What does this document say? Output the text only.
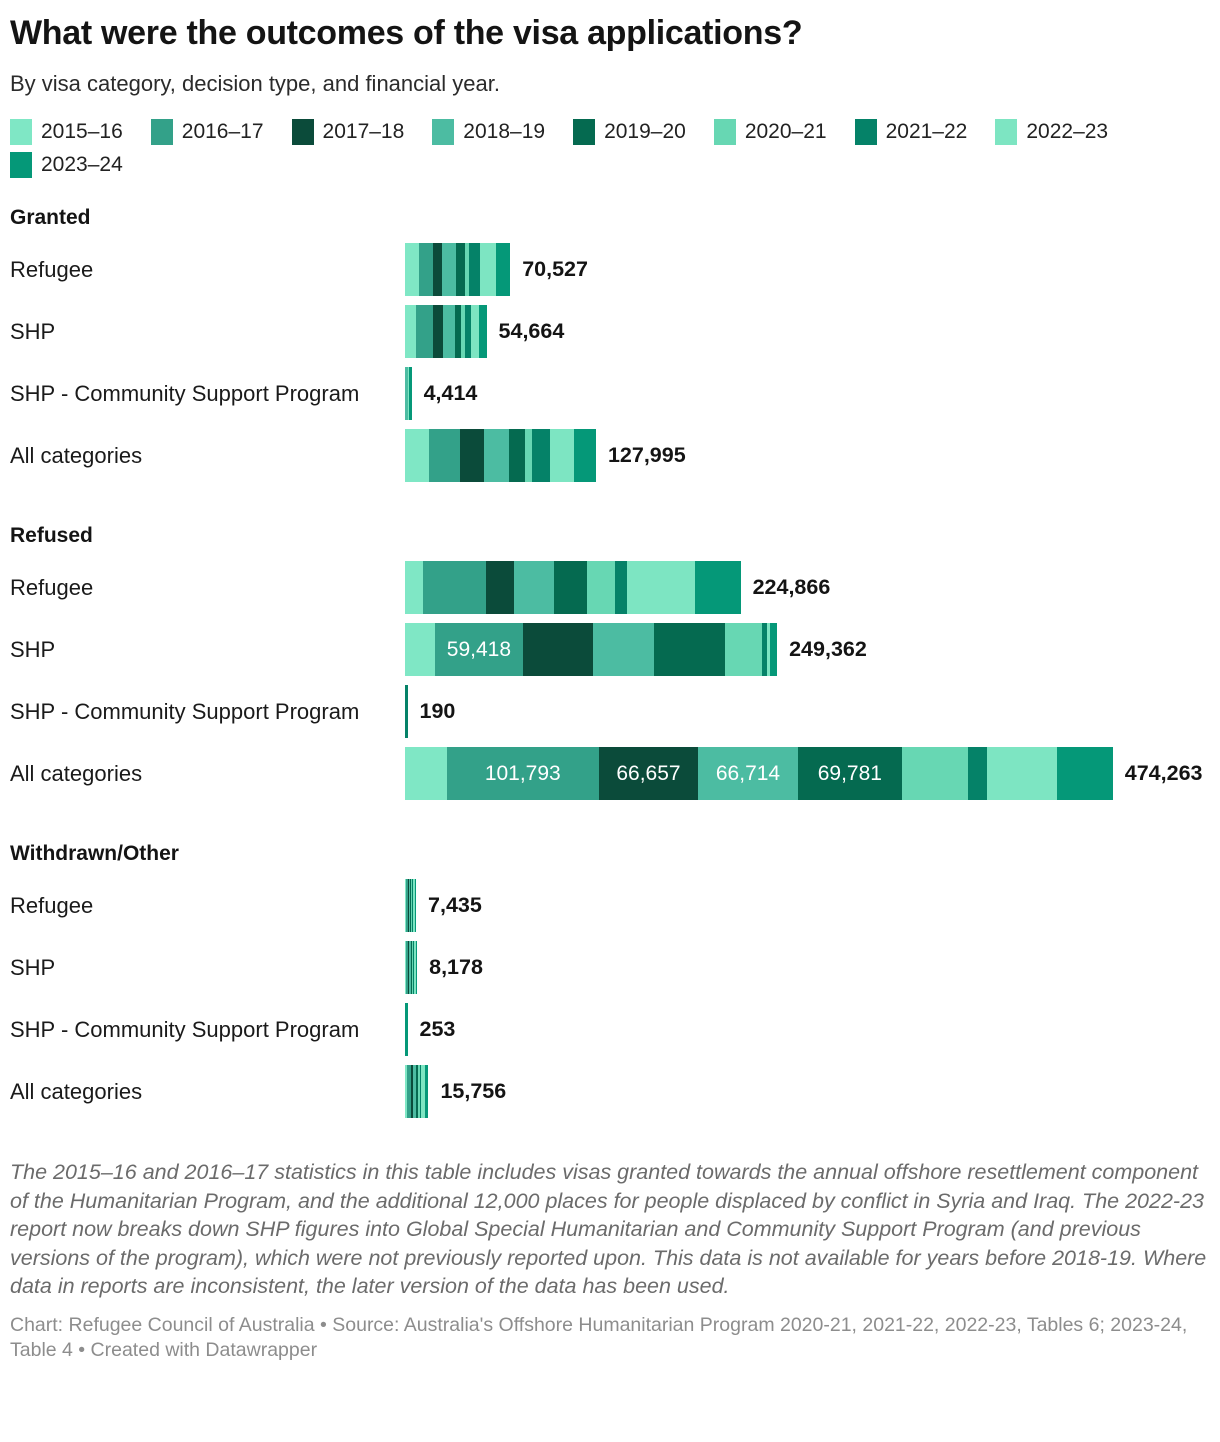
What were the outcomes of the visa applications?

By visa category, decision type, and financial year.

2015–16	2016–17	2017–18	2018–19	2019–20	2020–21	2021–22	2022–23
2023–24
Granted
Refugee	70,527
SHP	54,664
SHP - Community Support Program	4,414
All categories	127,995
Refused
Refugee	224,866
SHP	59,418	249,362
SHP - Community Support Program	190
All categories	101,793	66,657 66,714 69,781	474,263
Withdrawn/Other
Refugee	7,435
SHP	8,178
SHP - Community Support Program	253
All categories	15,756

The 2015–16 and 2016–17 statistics in this table includes visas granted towards the annual offshore resettlement component of the Humanitarian Program, and the additional 12,000 places for people displaced by conflict in Syria and Iraq. The 2022-23 report now breaks down SHP figures into Global Special Humanitarian and Community Support Program (and previous versions of the program), which were not previously reported upon. This data is not available for years before 2018-19. Where data in reports are inconsistent, the later version of the data has been used.

Chart: Refugee Council of Australia • Source: Australia's Offshore Humanitarian Program 2020-21, 2021-22, 2022-23, Tables 6; 2023-24, Table 4 • Created with Datawrapper
